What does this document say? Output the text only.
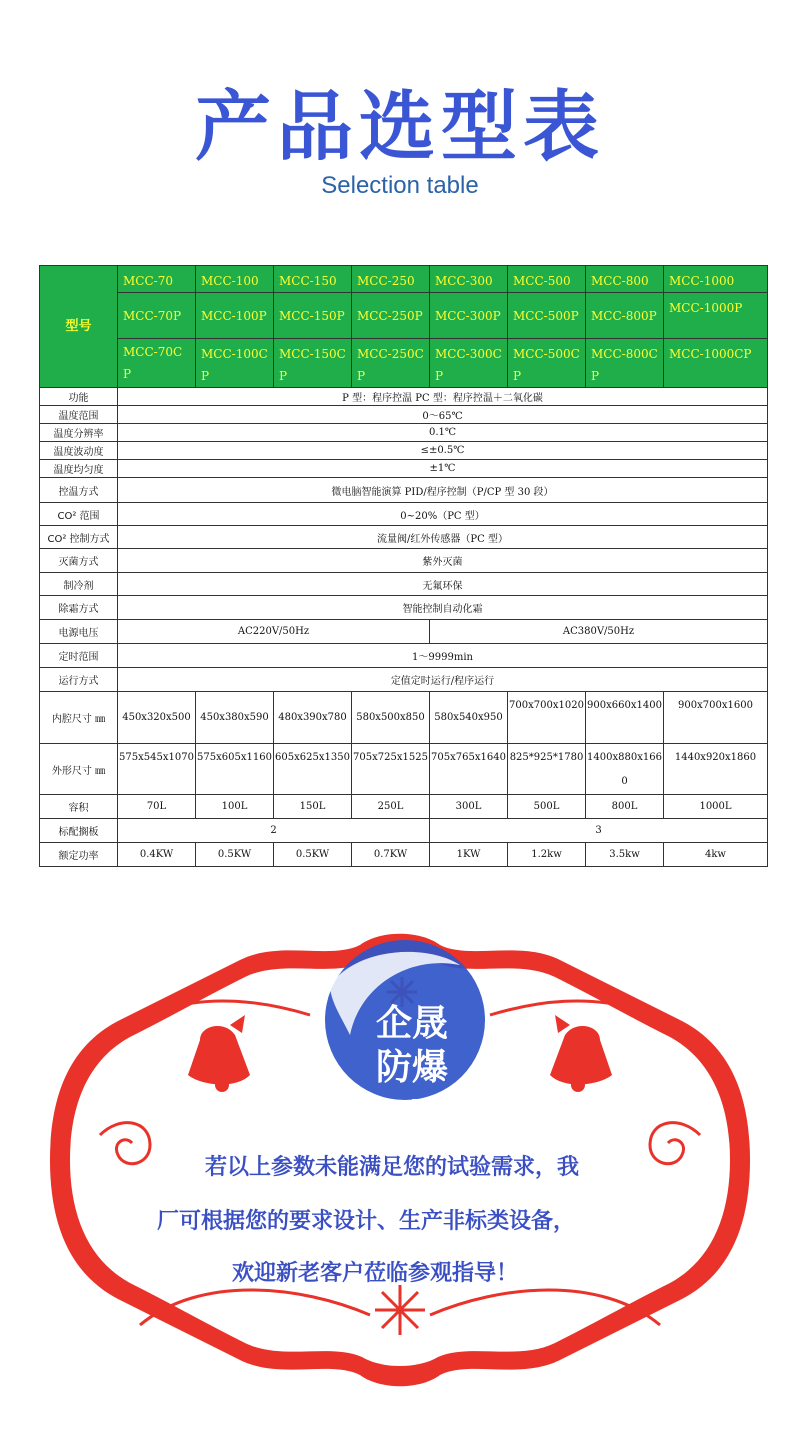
产品选型表
Selection table
型号	MCC-70	MCC-100	MCC-150	MCC-250	MCC-300	MCC-500	MCC-800	MCC-1000
	MCC-70P	MCC-100P	MCC-150P	MCC-250P	MCC-300P	MCC-500P	MCC-800P	MCC-1000P
	MCC-70CP	MCC-100CP	MCC-150CP	MCC-250CP	MCC-300CP	MCC-500CP	MCC-800CP	MCC-1000CP
功能	P 型：程序控温 PC 型：程序控温＋二氧化碳							
温度范围	0～65℃							
温度分辨率	0.1℃							
温度波动度	≤±0.5℃							
温度均匀度	±1℃							
控温方式	微电脑智能演算 PID/程序控制（P/CP 型 30 段）							
CO² 范围	0~20%（PC 型）							
CO² 控制方式	流量阀/红外传感器（PC 型）							
灭菌方式	紫外灭菌							
制冷剂	无氟环保							
除霜方式	智能控制自动化霜							
电源电压	AC220V/50Hz				AC380V/50Hz			
定时范围	1～9999min							
运行方式	定值定时运行/程序运行							
内腔尺寸 ㎜	450x320x500	450x380x590	480x390x780	580x500x850	580x540x950	700x700x1020	900x660x1400	900x700x1600
外形尺寸 ㎜	575x545x1070	575x605x1160	605x625x1350	705x725x1525	705x765x1640	825*925*1780	1400x880x1660	1440x920x1860
容积	70L	100L	150L	250L	300L	500L	800L	1000L
标配搁板	2				3			
额定功率	0.4KW	0.5KW	0.5KW	0.7KW	1KW	1.2kw	3.5kw	4kw
企晟
防爆
Qisheng Explosion-proof
若以上参数未能满足您的试验需求，我
厂可根据您的要求设计、生产非标类设备，
欢迎新老客户莅临参观指导！
